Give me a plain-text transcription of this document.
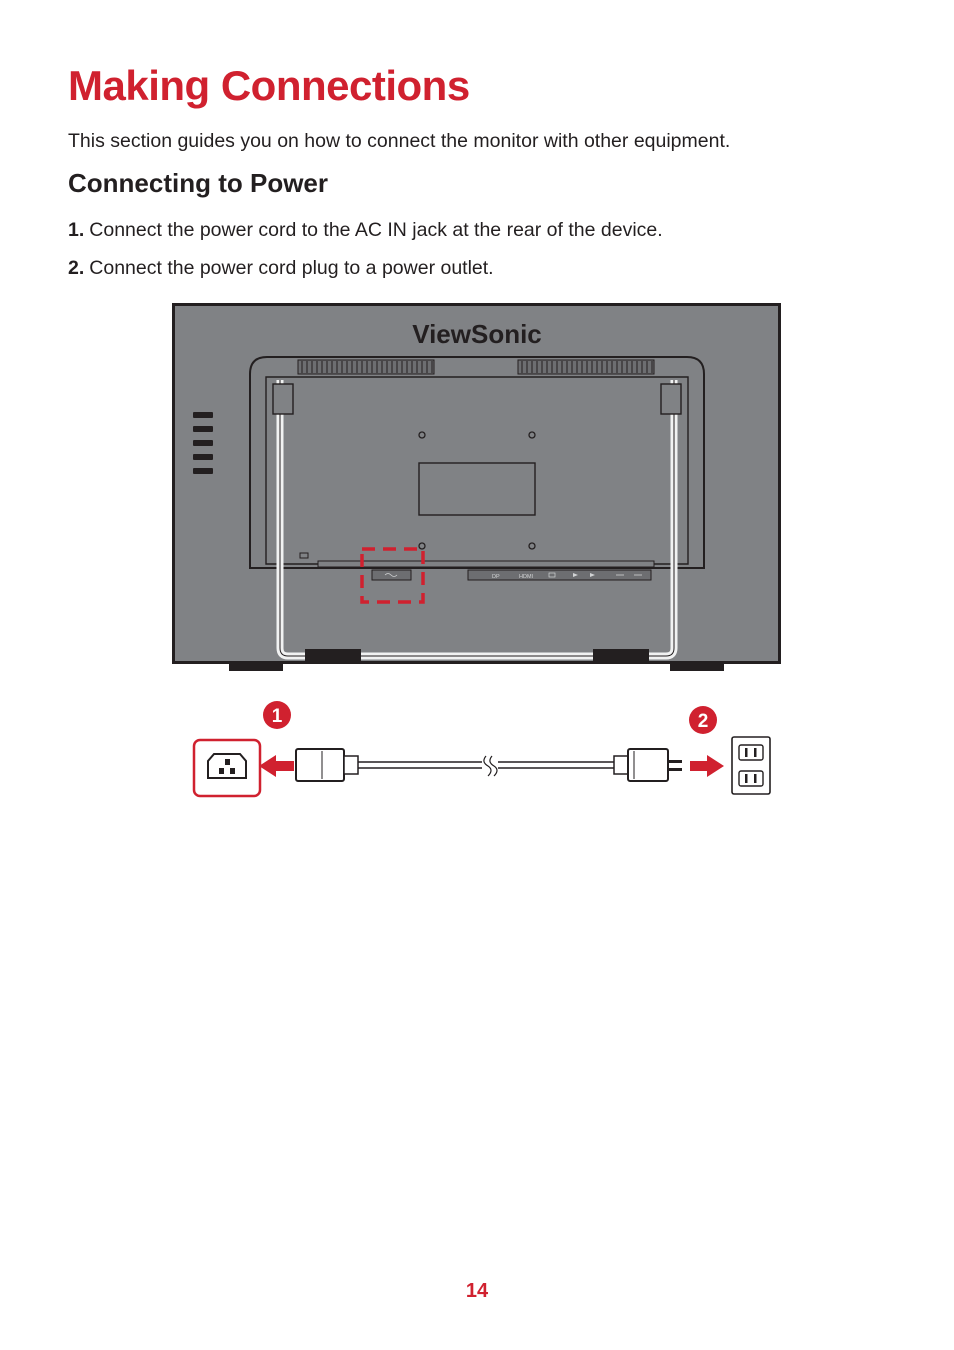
Making Connections

This section guides you on how to connect the monitor with other equipment.

Connecting to Power

1. Connect the power cord to the AC IN jack at the rear of the device.

2. Connect the power cord plug to a power outlet.

ViewSonic
DP	HDMI
1	2
14
